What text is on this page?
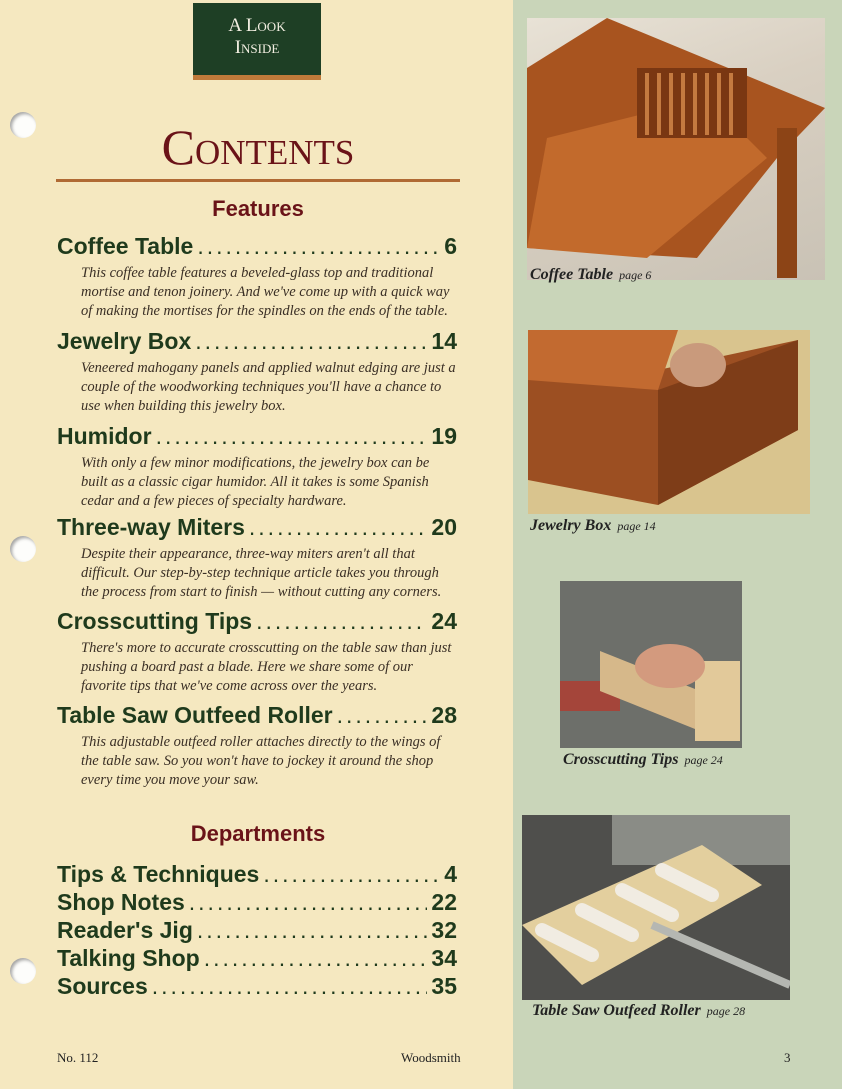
A Look
Inside
Contents
Features
Coffee Table .....	6
This coffee table features a beveled-glass top and traditional mortise and tenon joinery. And we've come up with a quick way of making the mortises for the spindles on the ends of the table.
Jewelry Box .....	14
Veneered mahogany panels and applied walnut edging are just a couple of the woodworking techniques you'll have a chance to use when building this jewelry box.
Humidor .....	19
With only a few minor modifications, the jewelry box can be built as a classic cigar humidor. All it takes is some Spanish cedar and a few pieces of specialty hardware.
Three-way Miters .....	20
Despite their appearance, three-way miters aren't all that difficult. Our step-by-step technique article takes you through the process from start to finish — without cutting any corners.
Crosscutting Tips .....	24
There's more to accurate crosscutting on the table saw than just pushing a board past a blade. Here we share some of our favorite tips that we've come across over the years.
Table Saw Outfeed Roller .....	28
This adjustable outfeed roller attaches directly to the wings of the table saw. So you won't have to jockey it around the shop every time you move your saw.
Departments
Tips & Techniques .....	4
Shop Notes .....	22
Reader's Jig .....	32
Talking Shop .....	34
Sources .....	35
Coffee Table page 6
Jewelry Box page 14
Crosscutting Tips page 24
Table Saw Outfeed Roller page 28
No. 112	Woodsmith	3
